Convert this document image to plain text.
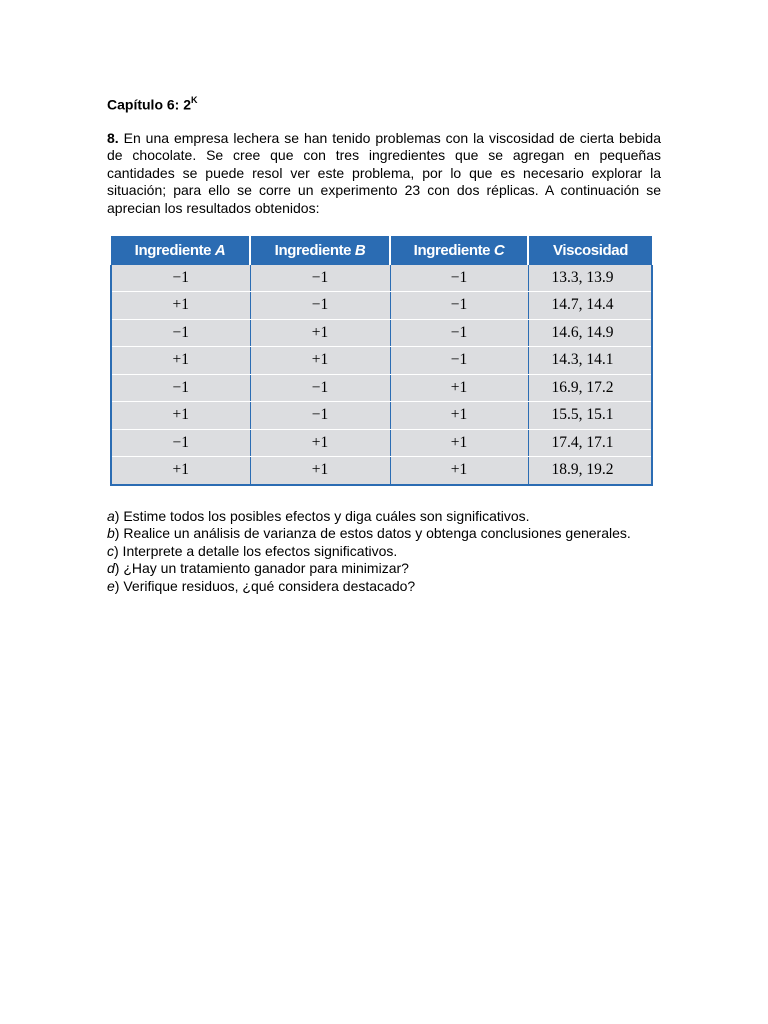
Capítulo 6: $2^K$

8. En una empresa lechera se han tenido problemas con la viscosidad de cierta bebida de chocolate. Se cree que con tres ingredientes que se agregan en pequeñas cantidades se puede resol ver este problema, por lo que es necesario explorar la situación; para ello se corre un experimento 23 con dos réplicas. A continuación se aprecian los resultados obtenidos:
Ingrediente A	Ingrediente B	Ingrediente C	Viscosidad
−1	−1	−1	13.3, 13.9
+1	−1	−1	14.7, 14.4
−1	+1	−1	14.6, 14.9
+1	+1	−1	14.3, 14.1
−1	−1	+1	16.9, 17.2
+1	−1	+1	15.5, 15.1
−1	+1	+1	17.4, 17.1
+1	+1	+1	18.9, 19.2
a) Estime todos los posibles efectos y diga cuáles son significativos.
b) Realice un análisis de varianza de estos datos y obtenga conclusiones generales.
c) Interprete a detalle los efectos significativos.
d) ¿Hay un tratamiento ganador para minimizar?
e) Verifique residuos, ¿qué considera destacado?
